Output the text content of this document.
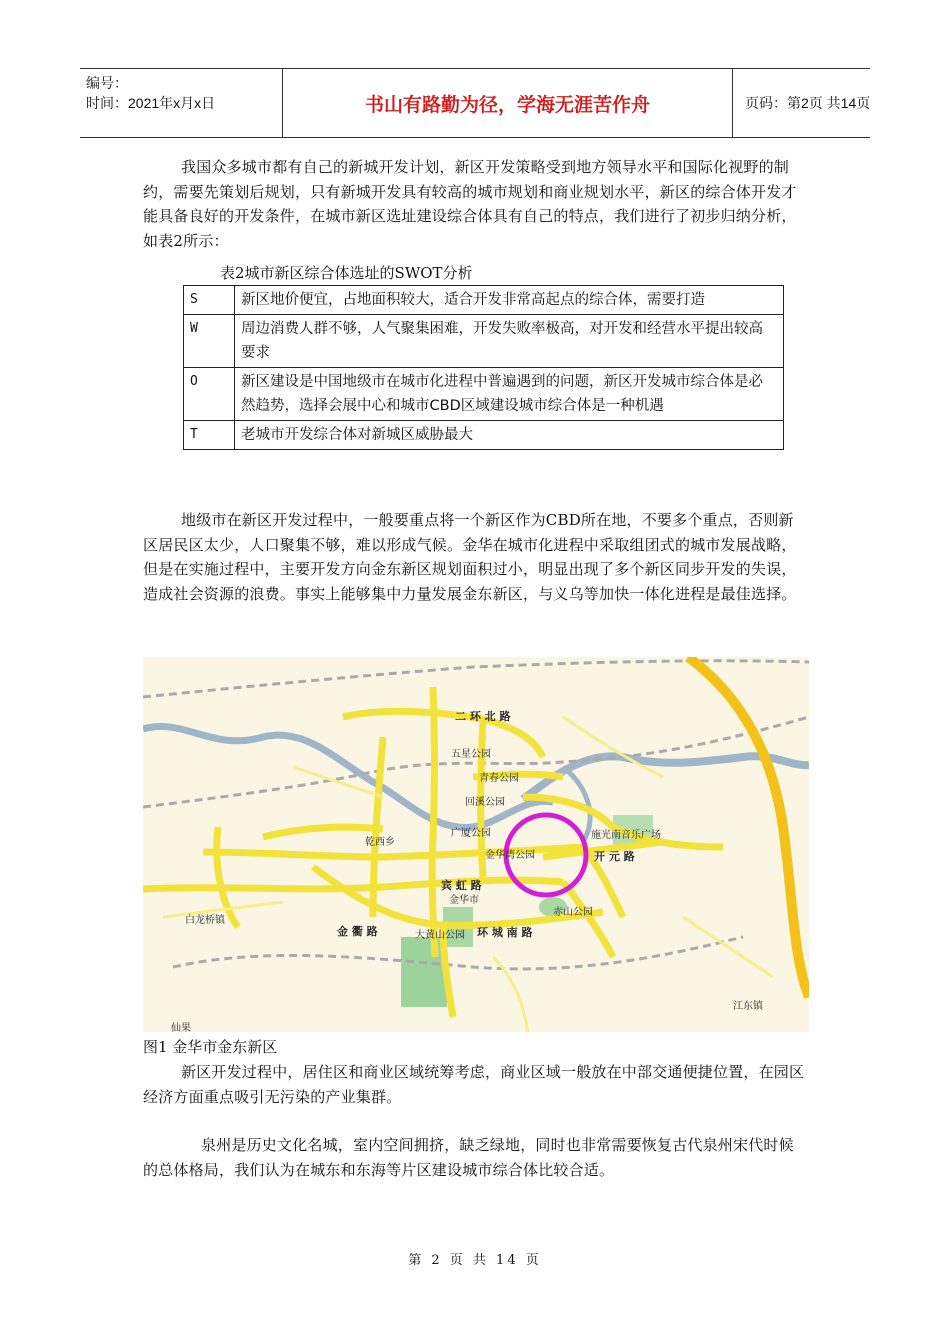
编号：
时间：2021年x月x日	书山有路勤为径，学海无涯苦作舟	页码：第2页 共14页
我国众多城市都有自己的新城开发计划，新区开发策略受到地方领导水平和国际化视野的制约，需要先策划后规划，只有新城开发具有较高的城市规划和商业规划水平，新区的综合体开发才能具备良好的开发条件，在城市新区选址建设综合体具有自己的特点，我们进行了初步归纳分析，如表2所示：
表2城市新区综合体选址的SWOT分析
S	新区地价便宜，占地面积较大，适合开发非常高起点的综合体，需要打造
W	周边消费人群不够，人气聚集困难，开发失败率极高，对开发和经营水平提出较高要求
O	新区建设是中国地级市在城市化进程中普遍遇到的问题，新区开发城市综合体是必然趋势，选择会展中心和城市CBD区域建设城市综合体是一种机遇
T	老城市开发综合体对新城区威胁最大
地级市在新区开发过程中，一般要重点将一个新区作为CBD所在地，不要多个重点，否则新区居民区太少，人口聚集不够，难以形成气候。金华在城市化进程中采取组团式的城市发展战略，但是在实施过程中，主要开发方向金东新区规划面积过小，明显出现了多个新区同步开发的失误，造成社会资源的浪费。事实上能够集中力量发展金东新区，与义乌等加快一体化进程是最佳选择。
二 环 北 路
五星公园
青春公园
回溪公园
广厦公园
乾西乡
金华湾公园
施光南音乐广场
开 元 路
宾 虹 路
金华市
白龙桥镇
金 衢 路	大黄山公园 环 城 南 路
赤山公园
江东镇
仙果
图1 金华市金东新区
新区开发过程中，居住区和商业区域统筹考虑，商业区域一般放在中部交通便捷位置，在园区经济方面重点吸引无污染的产业集群。
泉州是历史文化名城，室内空间拥挤，缺乏绿地，同时也非常需要恢复古代泉州宋代时候的总体格局，我们认为在城东和东海等片区建设城市综合体比较合适。
第 2 页 共 14 页
